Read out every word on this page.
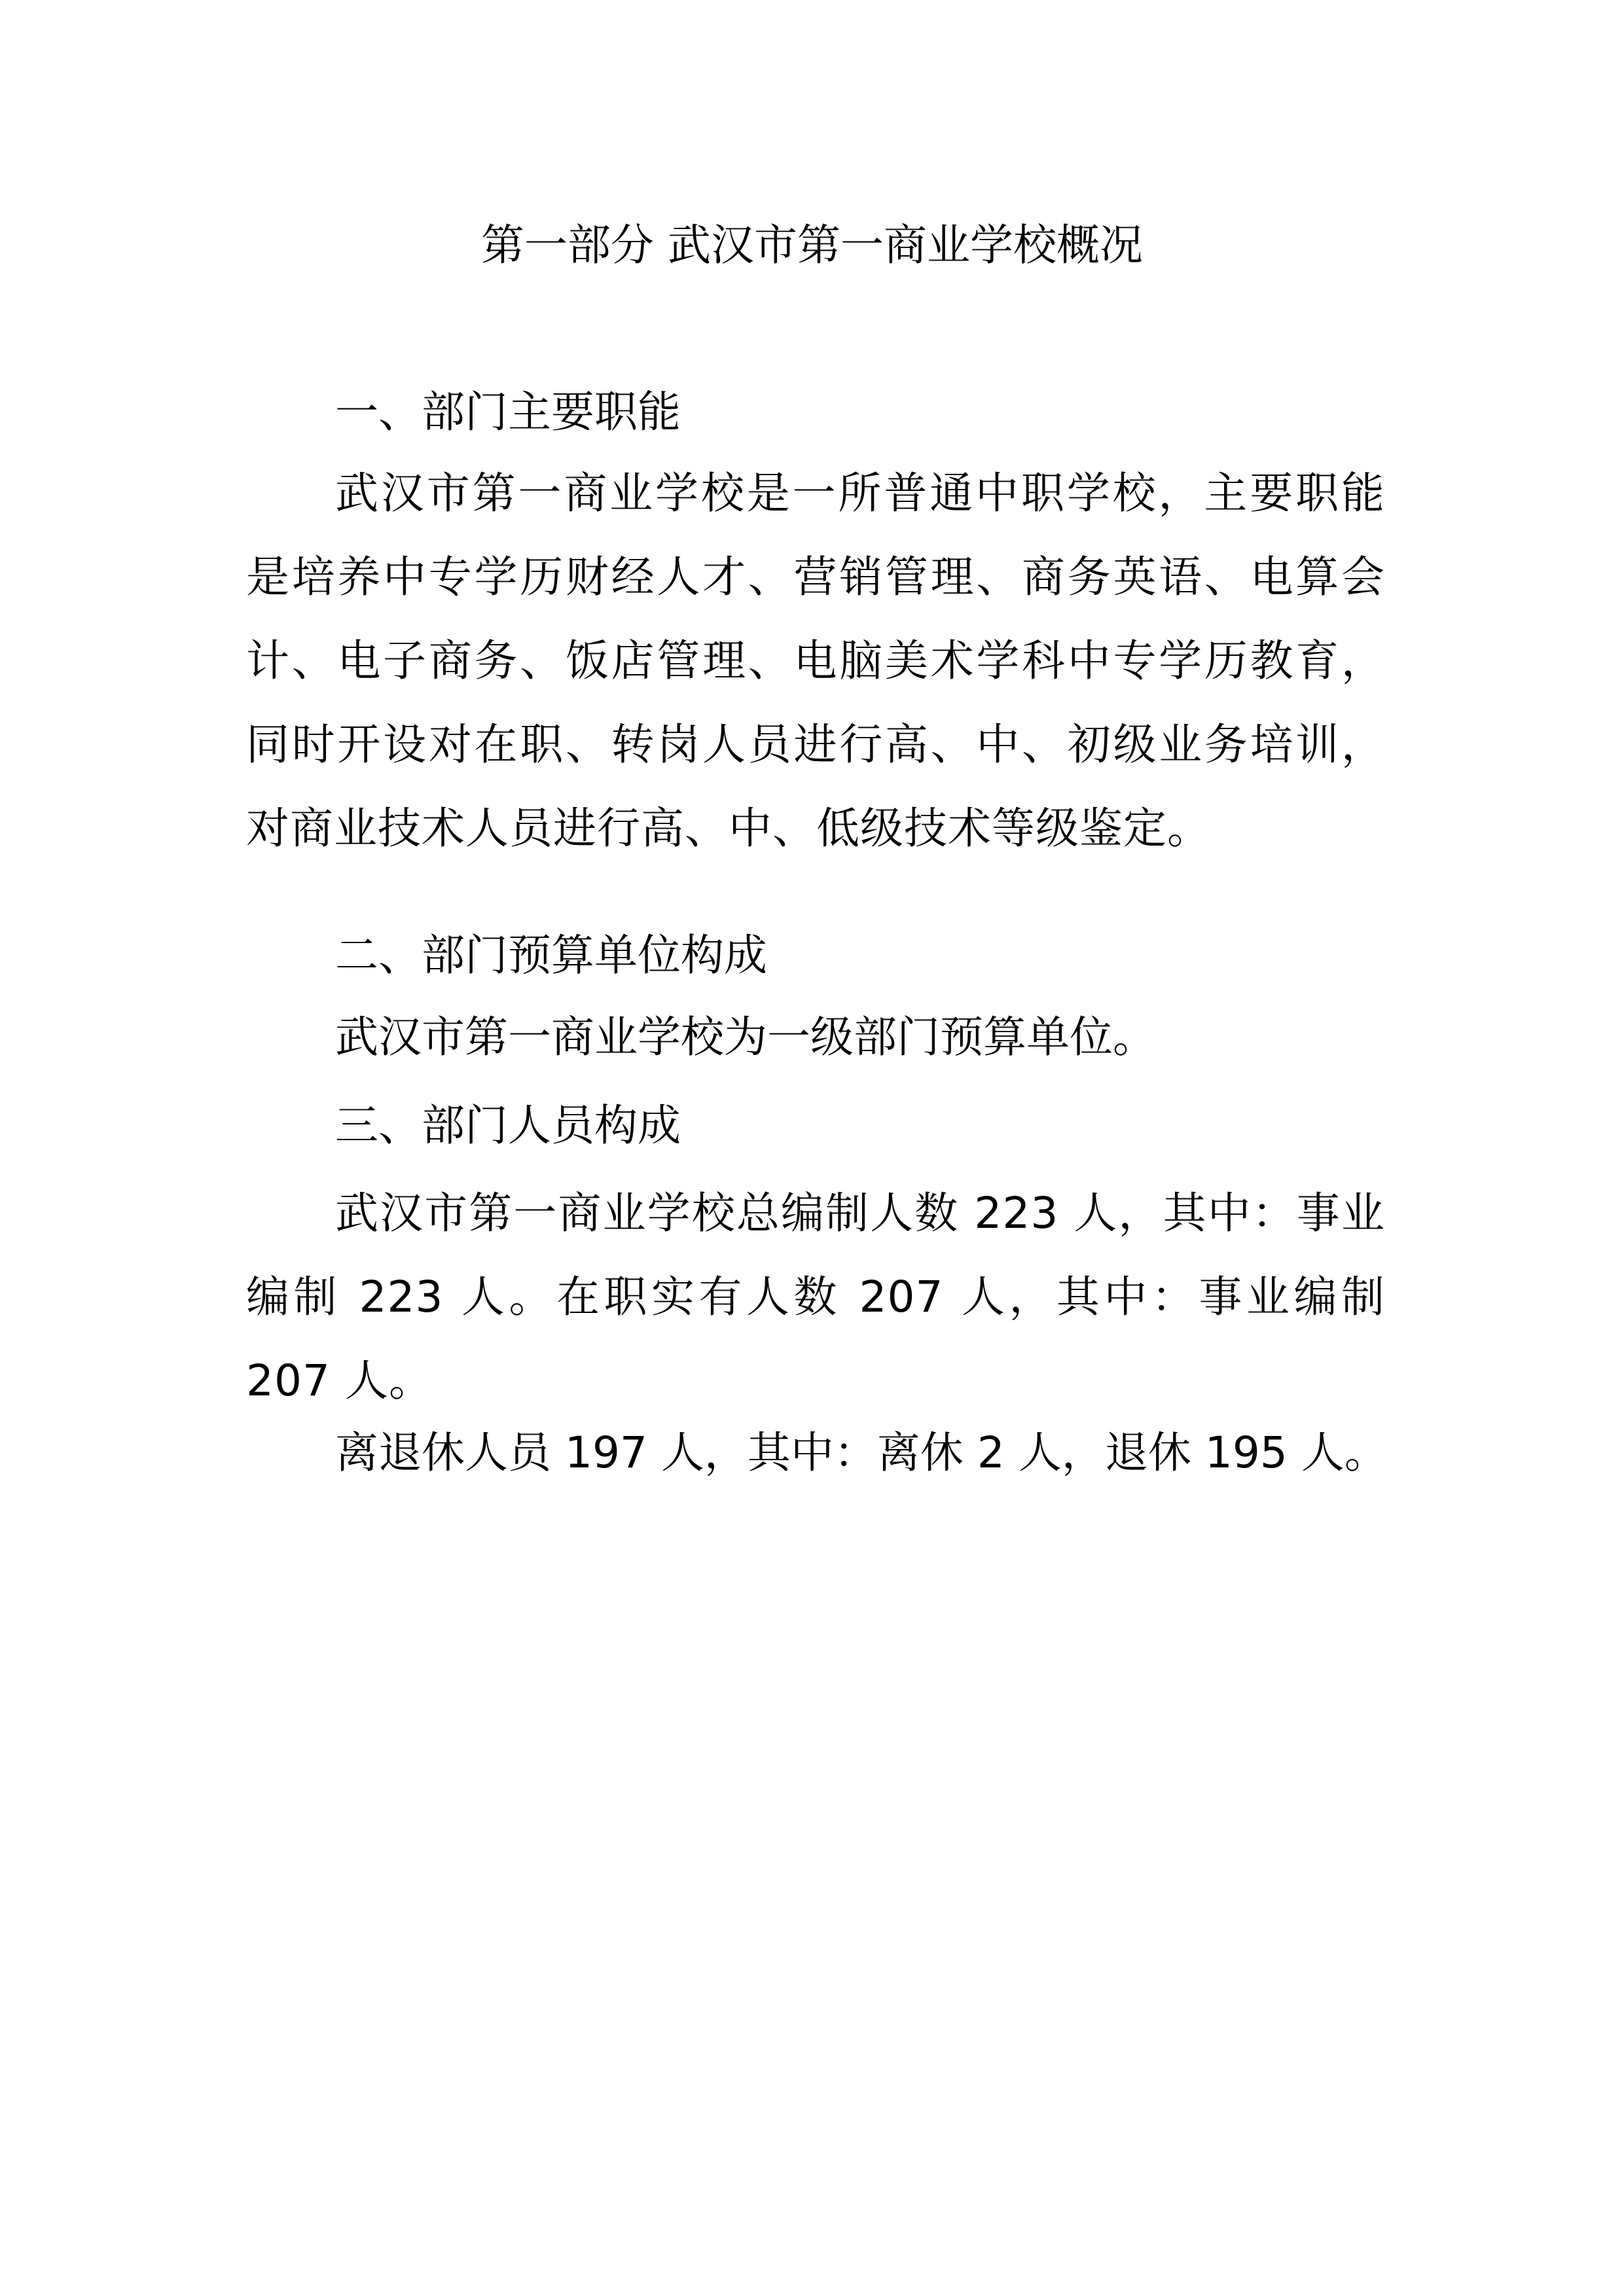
第一部分 武汉市第一商业学校概况
一、部门主要职能
武汉市第一商业学校是一所普通中职学校，主要职能是培养中专学历财经人才、营销管理、商务英语、电算会计、电子商务、饭店管理、电脑美术学科中专学历教育，同时开设对在职、转岗人员进行高、中、初级业务培训，对商业技术人员进行高、中、低级技术等级鉴定。
二、部门预算单位构成
武汉市第一商业学校为一级部门预算单位。
三、部门人员构成
武汉市第一商业学校总编制人数 223 人，其中：事业编制 223 人。在职实有人数 207 人，其中：事业编制 207 人。
离退休人员 197 人，其中：离休 2 人，退休 195 人。
